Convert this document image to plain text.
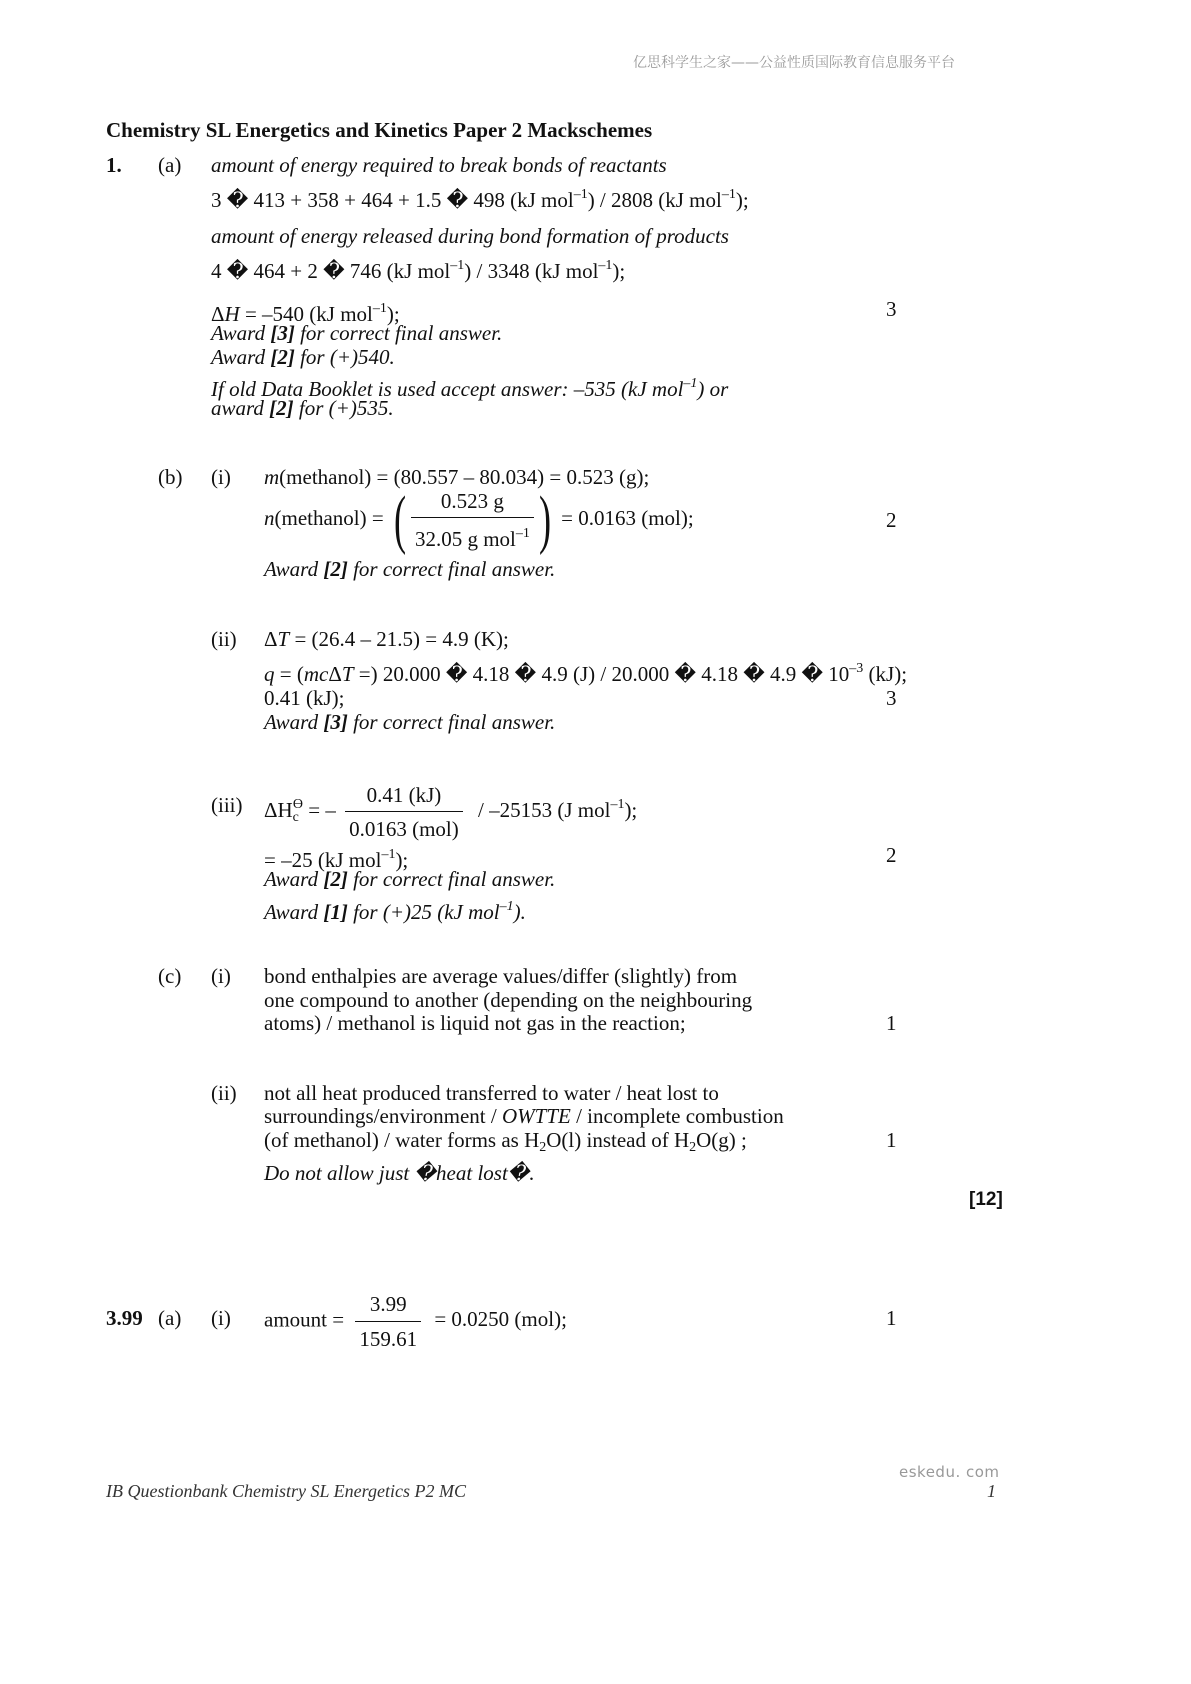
亿思科学生之家——公益性质国际教育信息服务平台
Chemistry SL Energetics and Kinetics Paper 2 Mackschemes
1. (a) amount of energy required to break bonds of reactants
3 � 413 + 358 + 464 + 1.5 � 498 (kJ mol$^{-1}$) / 2808 (kJ mol$^{-1}$);
amount of energy released during bond formation of products
4 � 464 + 2 � 746 (kJ mol$^{-1}$) / 3348 (kJ mol$^{-1}$);
ΔH = –540 (kJ mol$^{-1}$);	3
Award [3] for correct final answer.
Award [2] for (+)540.
If old Data Booklet is used accept answer: –535 (kJ mol$^{-1}$) or
award [2] for (+)535.
(b) (i) m(methanol) = (80.557 – 80.034) = 0.523 (g);
n(methanol) = ( $\frac{0.523 g}{32.05 g mol^{-1}}$ ) = 0.0163 (mol);	2
Award [2] for correct final answer.
(ii) ΔT = (26.4 – 21.5) = 4.9 (K);
q = (mcΔT =) 20.000 � 4.18 � 4.9 (J) / 20.000 � 4.18 � 4.9 � $10^{-3}$ (kJ);
0.41 (kJ);	3
Award [3] for correct final answer.
(iii) $\Delta H_c^ϴ$ = – $\frac{0.41 (kJ)}{\text{0.0163 (mol)}} / -25153$ (J mol$^{-1}$);
= –25 (kJ mol$^{-1}$);	2
Award [2] for correct final answer.
Award [1] for (+)25 (kJ mol$^{-1}$).
(c) (i) bond enthalpies are average values/differ (slightly) from
one compound to another (depending on the neighbouring
atoms) / methanol is liquid not gas in the reaction;	1
(ii) not all heat produced transferred to water / heat lost to
surroundings/environment / OWTTE / incomplete combustion
(of methanol) / water forms as $H_2O(l)$ instead of $H_2O(g)$ ;	1
Do not allow just �heat lost�.
[12]
3.99 (a) (i) amount = $\frac{3.99}{159.61} = 0.0250$ (mol);	1
eskedu. com
IB Questionbank Chemistry SL Energetics P2 MC	1
